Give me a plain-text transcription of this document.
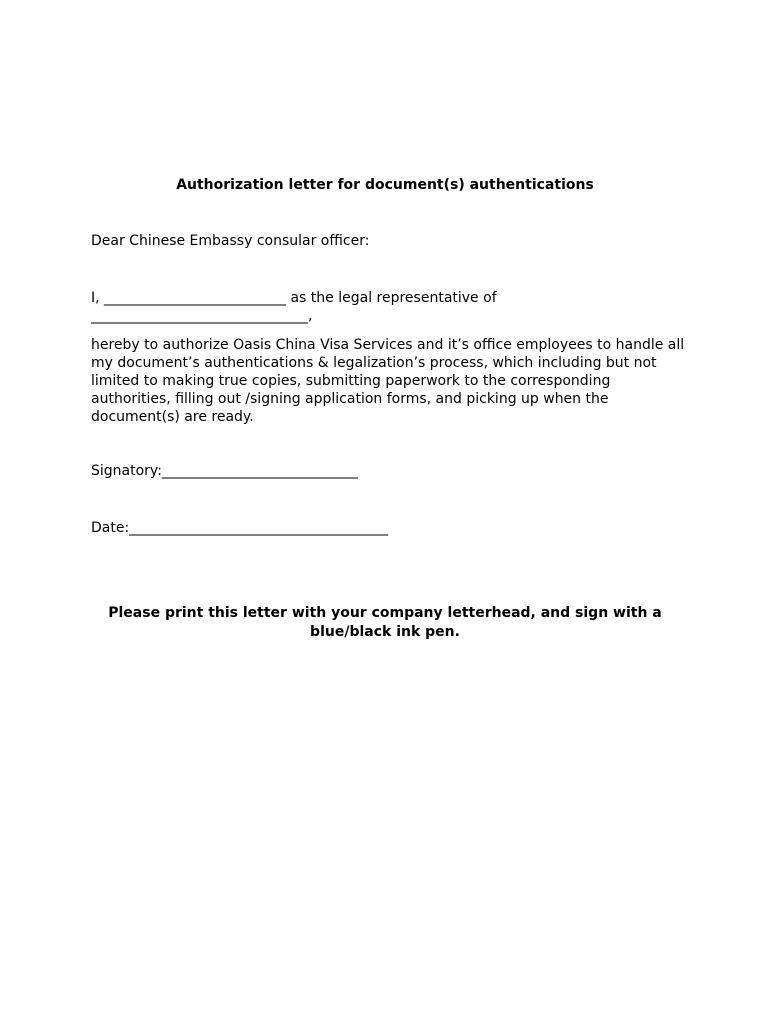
Authorization letter for document(s) authentications
Dear Chinese Embassy consular officer:
I, __________________________ as the legal representative of
_______________________________,
hereby to authorize Oasis China Visa Services and it’s office employees to handle all
my document’s authentications & legalization’s process, which including but not
limited to making true copies, submitting paperwork to the corresponding
authorities, filling out /signing application forms, and picking up when the
document(s) are ready.
Signatory:____________________________
Date:_____________________________________
Please print this letter with your company letterhead, and sign with a
blue/black ink pen.
